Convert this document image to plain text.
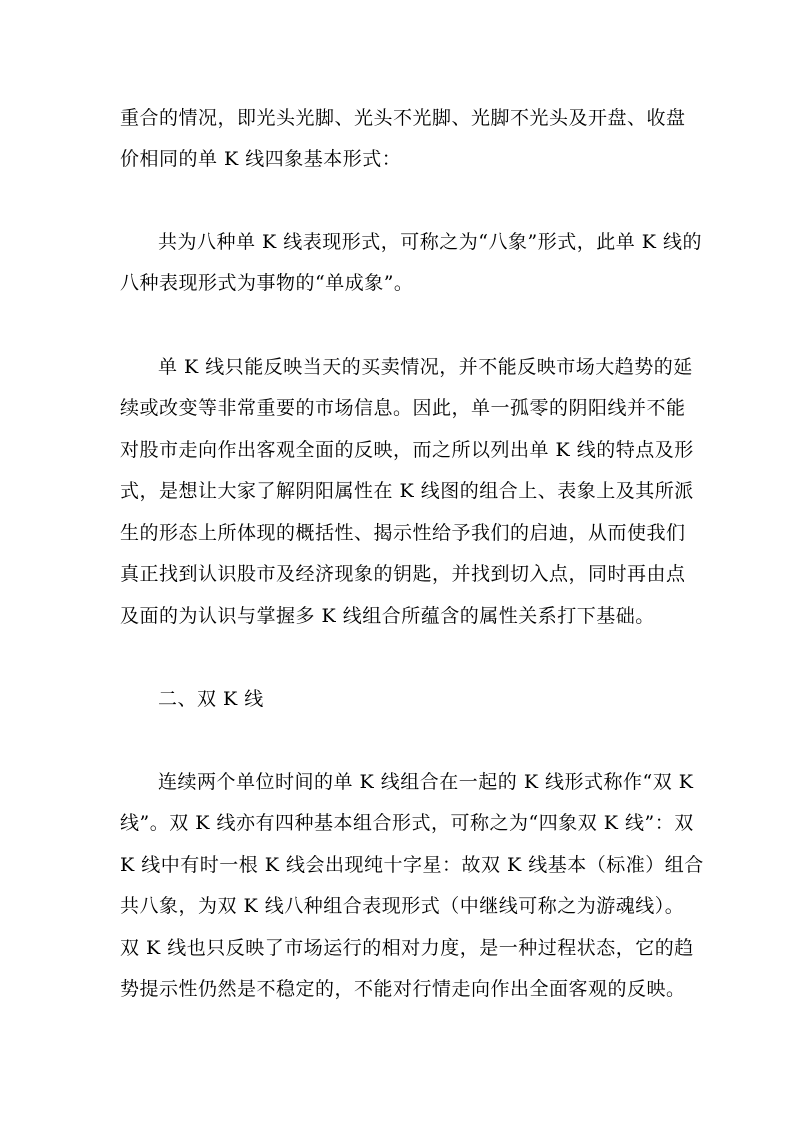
重合的情况，即光头光脚、光头不光脚、光脚不光头及开盘、收盘
价相同的单 K 线四象基本形式：
共为八种单 K 线表现形式，可称之为“八象”形式，此单 K 线的
八种表现形式为事物的“单成象”。
单 K 线只能反映当天的买卖情况，并不能反映市场大趋势的延
续或改变等非常重要的市场信息。因此，单一孤零的阴阳线并不能
对股市走向作出客观全面的反映，而之所以列出单 K 线的特点及形
式，是想让大家了解阴阳属性在 K 线图的组合上、表象上及其所派
生的形态上所体现的概括性、揭示性给予我们的启迪，从而使我们
真正找到认识股市及经济现象的钥匙，并找到切入点，同时再由点
及面的为认识与掌握多 K 线组合所蕴含的属性关系打下基础。
二、双 K 线
连续两个单位时间的单 K 线组合在一起的 K 线形式称作“双 K
线”。双 K 线亦有四种基本组合形式，可称之为“四象双 K 线”：双
K 线中有时一根 K 线会出现纯十字星：故双 K 线基本（标准）组合
共八象，为双 K 线八种组合表现形式（中继线可称之为游魂线）。
双 K 线也只反映了市场运行的相对力度，是一种过程状态，它的趋
势提示性仍然是不稳定的，不能对行情走向作出全面客观的反映。
